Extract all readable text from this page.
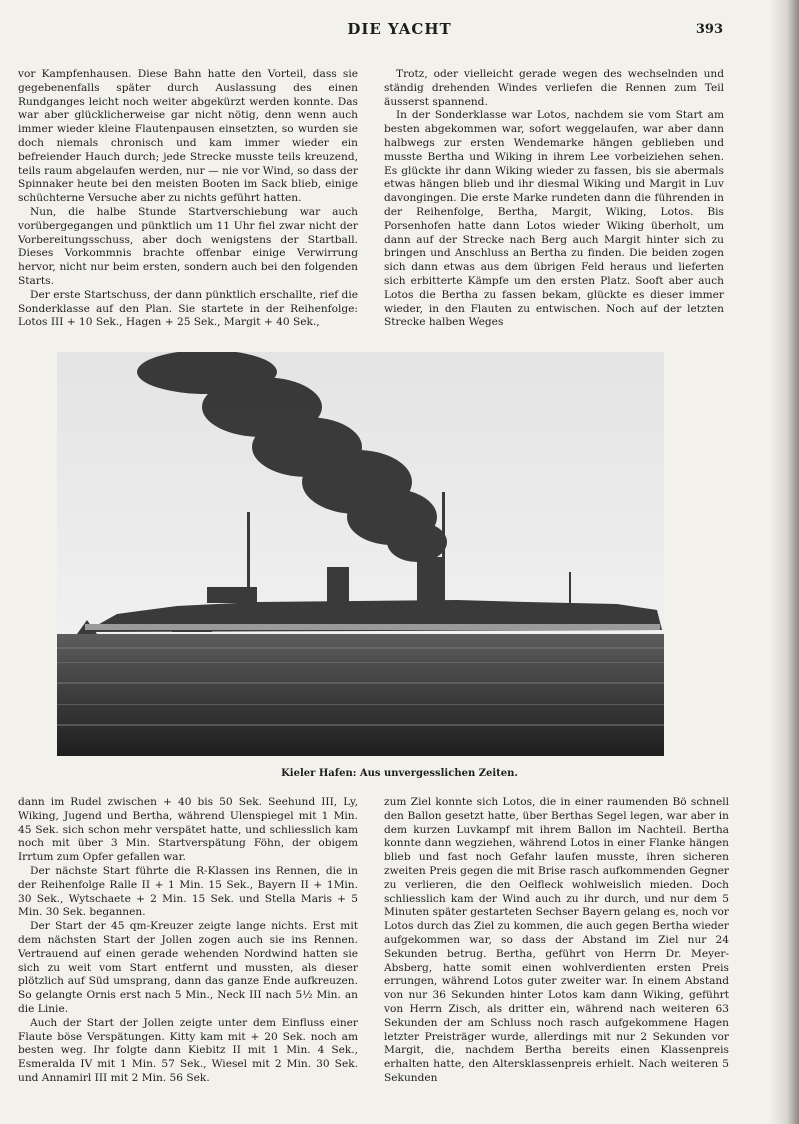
DIE YACHT	393

vor Kampfenhausen. Diese Bahn hatte den Vorteil, dass sie gegebenenfalls später durch Auslassung des einen Rundganges leicht noch weiter abgekürzt werden konnte. Das war aber glücklicherweise gar nicht nötig, denn wenn auch immer wieder kleine Flautenpausen einsetzten, so wurden sie doch niemals chronisch und kam immer wieder ein befreiender Hauch durch; jede Strecke musste teils kreuzend, teils raum abgelaufen werden, nur — nie vor Wind, so dass der Spinnaker heute bei den meisten Booten im Sack blieb, einige schüchterne Versuche aber zu nichts geführt hatten.

Nun, die halbe Stunde Startverschiebung war auch vorübergegangen und pünktlich um 11 Uhr fiel zwar nicht der Vorbereitungsschuss, aber doch wenigstens der Startball. Dieses Vorkommnis brachte offenbar einige Verwirrung hervor, nicht nur beim ersten, sondern auch bei den folgenden Starts.

Der erste Startschuss, der dann pünktlich erschallte, rief die Sonderklasse auf den Plan. Sie startete in der Reihenfolge: Lotos III + 10 Sek., Hagen + 25 Sek., Margit + 40 Sek.,

Trotz, oder vielleicht gerade wegen des wechselnden und ständig drehenden Windes verliefen die Rennen zum Teil äusserst spannend.

In der Sonderklasse war Lotos, nachdem sie vom Start am besten abgekommen war, sofort weggelaufen, war aber dann halbwegs zur ersten Wendemarke hängen geblieben und musste Bertha und Wiking in ihrem Lee vorbeiziehen sehen. Es glückte ihr dann Wiking wieder zu fassen, bis sie abermals etwas hängen blieb und ihr diesmal Wiking und Margit in Luv davongingen. Die erste Marke rundeten dann die führenden in der Reihenfolge, Bertha, Margit, Wiking, Lotos. Bis Porsenhofen hatte dann Lotos wieder Wiking überholt, um dann auf der Strecke nach Berg auch Margit hinter sich zu bringen und Anschluss an Bertha zu finden. Die beiden zogen sich dann etwas aus dem übrigen Feld heraus und lieferten sich erbitterte Kämpfe um den ersten Platz. Sooft aber auch Lotos die Bertha zu fassen bekam, glückte es dieser immer wieder, in den Flauten zu entwischen. Noch auf der letzten Strecke halben Weges

Kieler Hafen: Aus unvergesslichen Zeiten.

dann im Rudel zwischen + 40 bis 50 Sek. Seehund III, Ly, Wiking, Jugend und Bertha, während Ulenspiegel mit 1 Min. 45 Sek. sich schon mehr verspätet hatte, und schliesslich kam noch mit über 3 Min. Startverspätung Föhn, der obigem Irrtum zum Opfer gefallen war.

Der nächste Start führte die R-Klassen ins Rennen, die in der Reihenfolge Ralle II + 1 Min. 15 Sek., Bayern II + 1Min. 30 Sek., Wytschaete + 2 Min. 15 Sek. und Stella Maris + 5 Min. 30 Sek. begannen.

Der Start der 45 qm-Kreuzer zeigte lange nichts. Erst mit dem nächsten Start der Jollen zogen auch sie ins Rennen. Vertrauend auf einen gerade wehenden Nordwind hatten sie sich zu weit vom Start entfernt und mussten, als dieser plötzlich auf Süd umsprang, dann das ganze Ende aufkreuzen. So gelangte Ornis erst nach 5 Min., Neck III nach 5½ Min. an die Linie.

Auch der Start der Jollen zeigte unter dem Einfluss einer Flaute böse Verspätungen. Kitty kam mit + 20 Sek. noch am besten weg. Ihr folgte dann Kiebitz II mit 1 Min. 4 Sek., Esmeralda IV mit 1 Min. 57 Sek., Wiesel mit 2 Min. 30 Sek. und Annamirl III mit 2 Min. 56 Sek.

zum Ziel konnte sich Lotos, die in einer raumenden Bö schnell den Ballon gesetzt hatte, über Berthas Segel legen, war aber in dem kurzen Luvkampf mit ihrem Ballon im Nachteil. Bertha konnte dann wegziehen, während Lotos in einer Flanke hängen blieb und fast noch Gefahr laufen musste, ihren sicheren zweiten Preis gegen die mit Brise rasch aufkommenden Gegner zu verlieren, die den Oelfleck wohlweislich mieden. Doch schliesslich kam der Wind auch zu ihr durch, und nur dem 5 Minuten später gestarteten Sechser Bayern gelang es, noch vor Lotos durch das Ziel zu kommen, die auch gegen Bertha wieder aufgekommen war, so dass der Abstand im Ziel nur 24 Sekunden betrug. Bertha, geführt von Herrn Dr. Meyer-Absberg, hatte somit einen wohlverdienten ersten Preis errungen, während Lotos guter zweiter war. In einem Abstand von nur 36 Sekunden hinter Lotos kam dann Wiking, geführt von Herrn Zisch, als dritter ein, während nach weiteren 63 Sekunden der am Schluss noch rasch aufgekommene Hagen letzter Preisträger wurde, allerdings mit nur 2 Sekunden vor Margit, die, nachdem Bertha bereits einen Klassenpreis erhalten hatte, den Altersklassenpreis erhielt. Nach weiteren 5 Sekunden
